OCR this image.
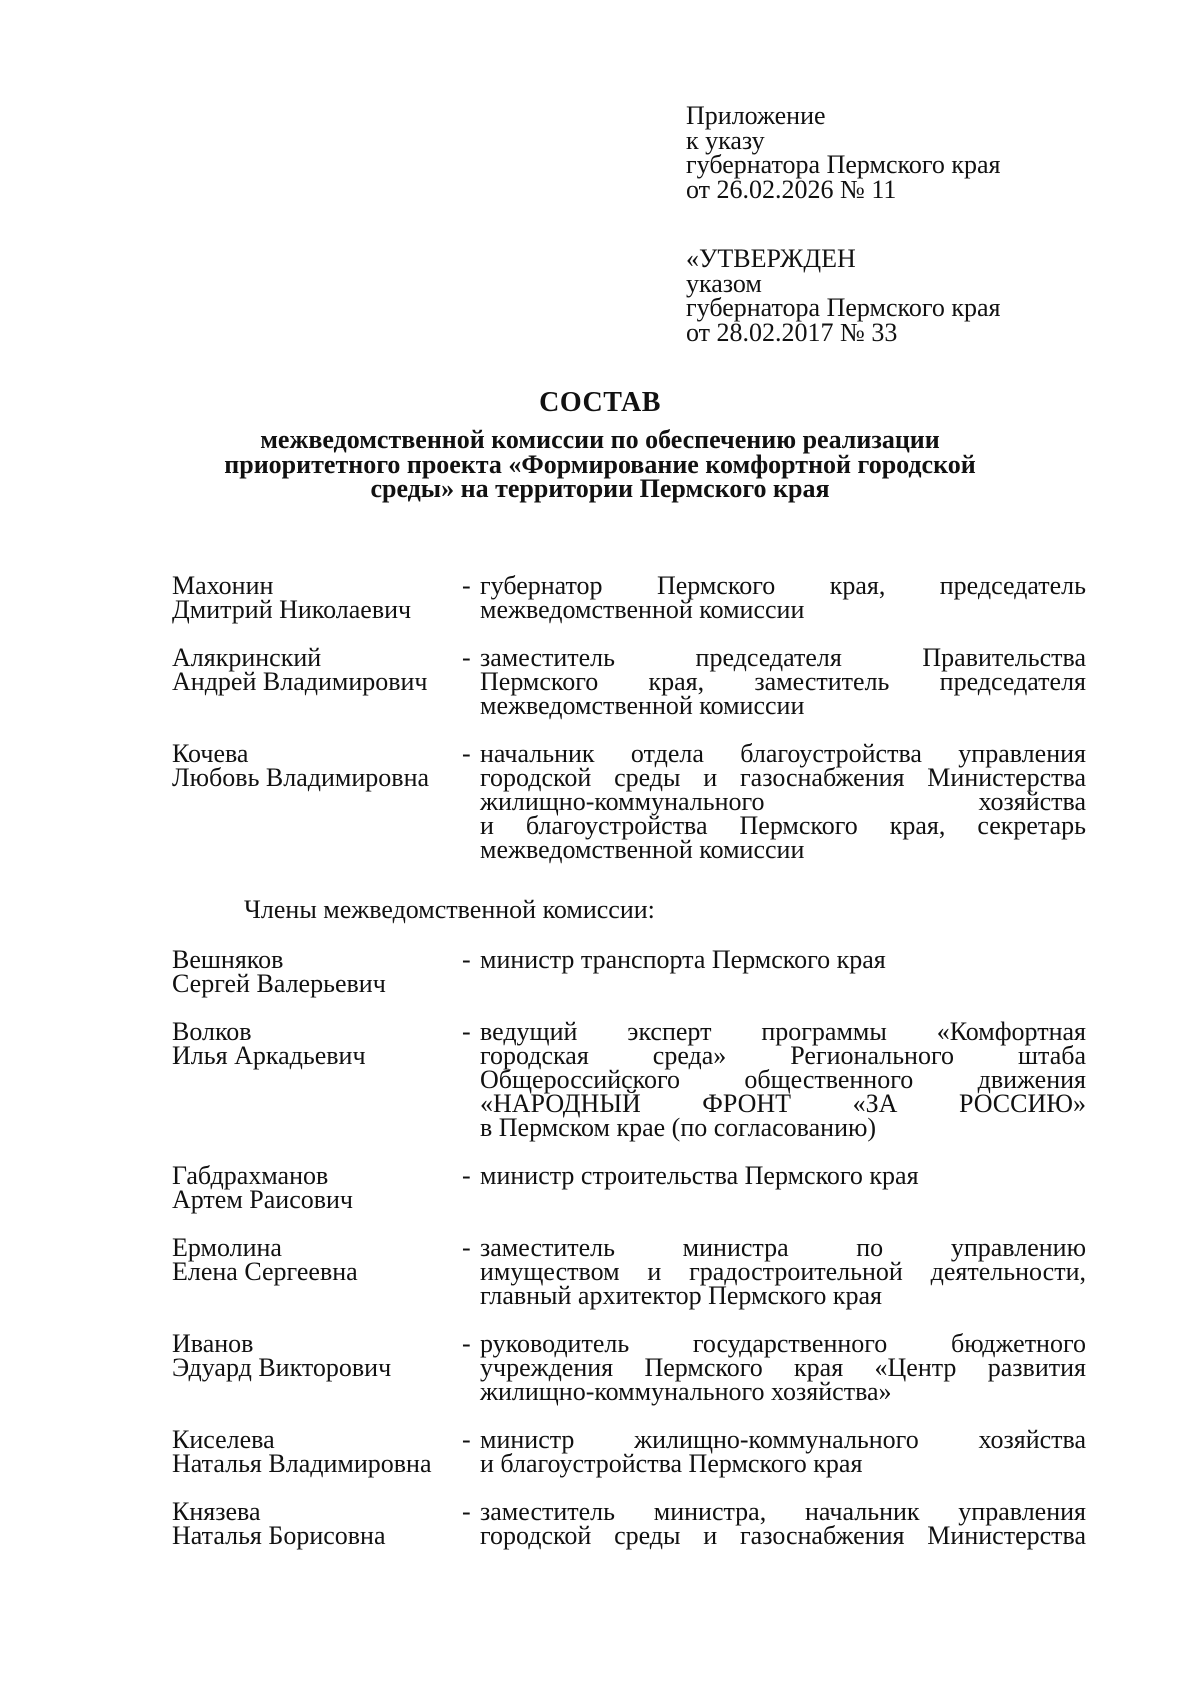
Приложение
к указу
губернатора Пермского края
от 26.02.2026 № 11
«УТВЕРЖДЕН
указом
губернатора Пермского края
от 28.02.2017 № 33
СОСТАВ
межведомственной комиссии по обеспечению реализации
приоритетного проекта «Формирование комфортной городской
среды» на территории Пермского края
Махонин
Дмитрий Николаевич
- губернатор Пермского края, председатель
межведомственной комиссии
Алякринский
Андрей Владимирович
- заместитель председателя Правительства
Пермского края, заместитель председателя
межведомственной комиссии
Кочева
Любовь Владимировна
- начальник отдела благоустройства управления
городской среды и газоснабжения Министерства
жилищно-коммунального хозяйства
и благоустройства Пермского края, секретарь
межведомственной комиссии
Члены межведомственной комиссии:
Вешняков
Сергей Валерьевич
- министр транспорта Пермского края
Волков
Илья Аркадьевич
- ведущий эксперт программы «Комфортная
городская среда» Регионального штаба
Общероссийского общественного движения
«НАРОДНЫЙ ФРОНТ «ЗА РОССИЮ»
в Пермском крае (по согласованию)
Габдрахманов
Артем Раисович
- министр строительства Пермского края
Ермолина
Елена Сергеевна
- заместитель министра по управлению
имуществом и градостроительной деятельности,
главный архитектор Пермского края
Иванов
Эдуард Викторович
- руководитель государственного бюджетного
учреждения Пермского края «Центр развития
жилищно-коммунального хозяйства»
Киселева
Наталья Владимировна
- министр жилищно-коммунального хозяйства
и благоустройства Пермского края
Князева
Наталья Борисовна
- заместитель министра, начальник управления
городской среды и газоснабжения Министерства
